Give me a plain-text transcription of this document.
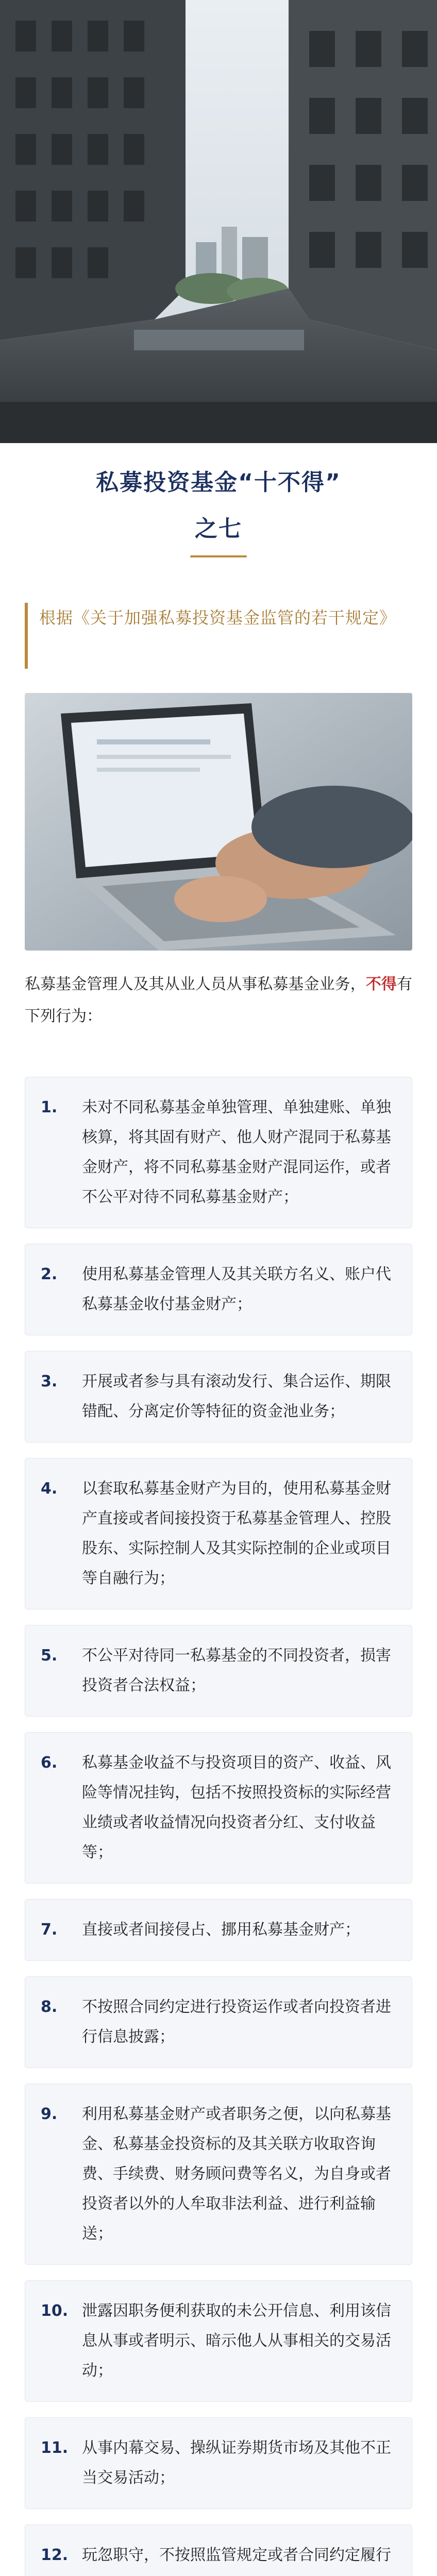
私募投资基金“十不得”
之七
根据《关于加强私募投资基金监管的若干规定》
私募基金管理人及其从业人员从事私募基金业务，不得有下列行为：
1.	未对不同私募基金单独管理、单独建账、单独核算，将其固有财产、他人财产混同于私募基金财产，将不同私募基金财产混同运作，或者不公平对待不同私募基金财产；
2.	使用私募基金管理人及其关联方名义、账户代私募基金收付基金财产；
3.	开展或者参与具有滚动发行、集合运作、期限错配、分离定价等特征的资金池业务；
4.	以套取私募基金财产为目的，使用私募基金财产直接或者间接投资于私募基金管理人、控股股东、实际控制人及其实际控制的企业或项目等自融行为；
5.	不公平对待同一私募基金的不同投资者，损害投资者合法权益；
6.	私募基金收益不与投资项目的资产、收益、风险等情况挂钩，包括不按照投资标的实际经营业绩或者收益情况向投资者分红、支付收益等；
7.	直接或者间接侵占、挪用私募基金财产；
8.	不按照合同约定进行投资运作或者向投资者进行信息披露；
9.	利用私募基金财产或者职务之便，以向私募基金、私募基金投资标的及其关联方收取咨询费、手续费、财务顾问费等名义，为自身或者投资者以外的人牟取非法利益、进行利益输送；
10. 泄露因职务便利获取的未公开信息、利用该信息从事或者明示、暗示他人从事相关的交易活动；
11. 从事内幕交易、操纵证券期货市场及其他不正当交易活动；
12. 玩忽职守，不按照监管规定或者合同约定履行
